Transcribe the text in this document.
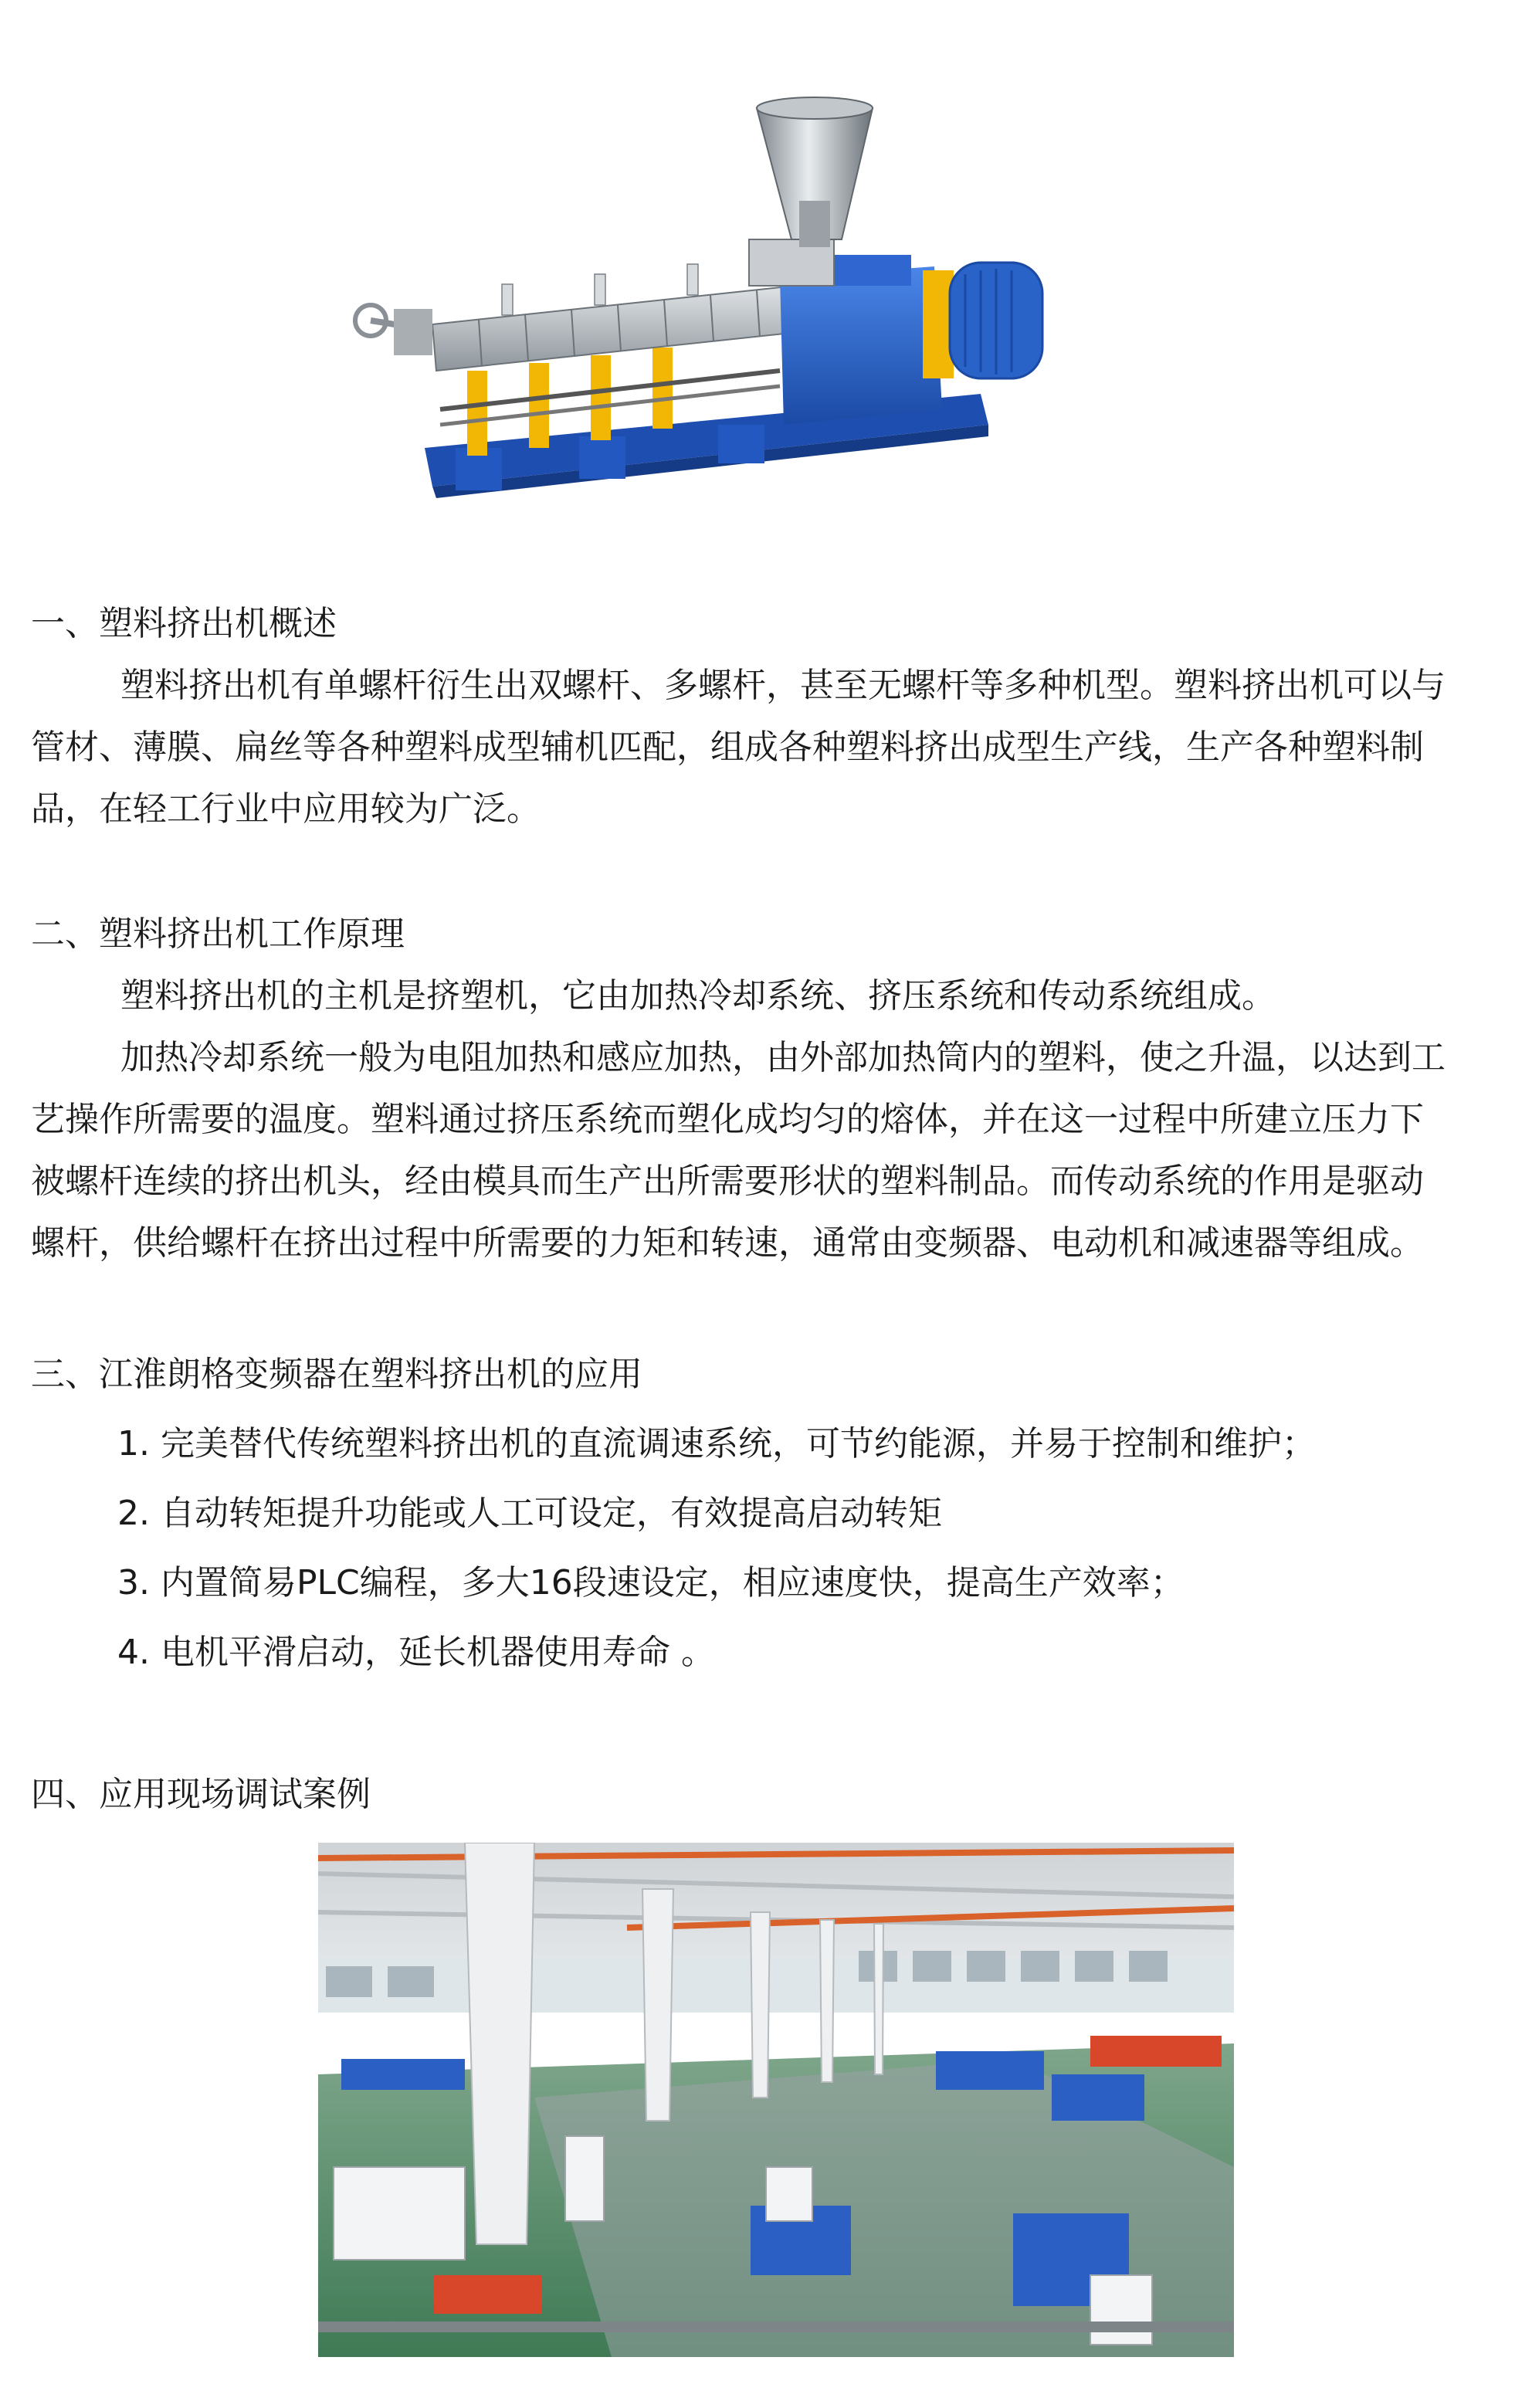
一、塑料挤出机概述
塑料挤出机有单螺杆衍生出双螺杆、多螺杆，甚至无螺杆等多种机型。塑料挤出机可以与
管材、薄膜、扁丝等各种塑料成型辅机匹配，组成各种塑料挤出成型生产线，生产各种塑料制
品，在轻工行业中应用较为广泛。
二、塑料挤出机工作原理
塑料挤出机的主机是挤塑机，它由加热冷却系统、挤压系统和传动系统组成。
加热冷却系统一般为电阻加热和感应加热，由外部加热筒内的塑料，使之升温，以达到工
艺操作所需要的温度。塑料通过挤压系统而塑化成均匀的熔体，并在这一过程中所建立压力下
被螺杆连续的挤出机头，经由模具而生产出所需要形状的塑料制品。而传动系统的作用是驱动
螺杆，供给螺杆在挤出过程中所需要的力矩和转速，通常由变频器、电动机和减速器等组成。
三、江淮朗格变频器在塑料挤出机的应用
1. 完美替代传统塑料挤出机的直流调速系统，可节约能源，并易于控制和维护；
2. 自动转矩提升功能或人工可设定，有效提高启动转矩
3. 内置简易PLC编程，多大16段速设定，相应速度快，提高生产效率；
4. 电机平滑启动，延长机器使用寿命 。
四、应用现场调试案例
